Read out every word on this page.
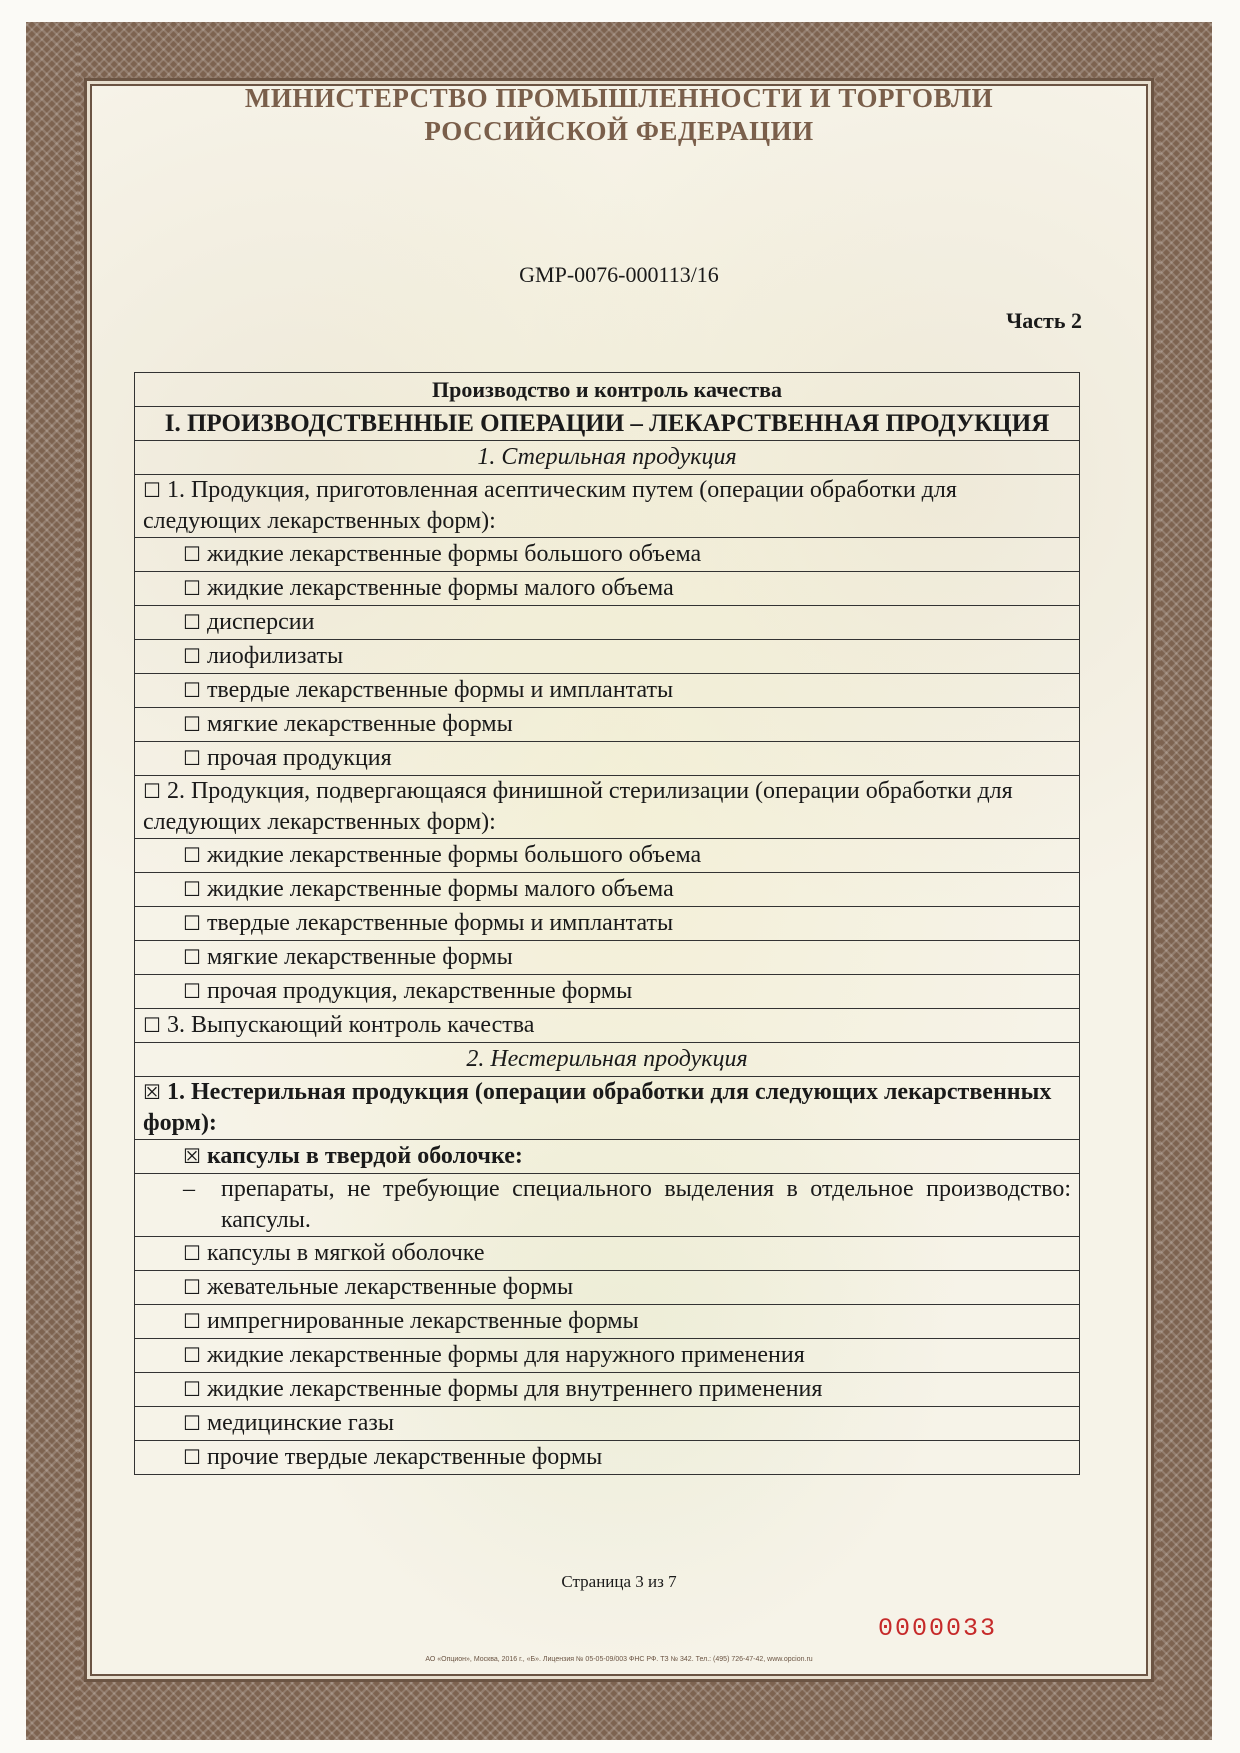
МИНИСТЕРСТВО ПРОМЫШЛЕННОСТИ И ТОРГОВЛИ
РОССИЙСКОЙ ФЕДЕРАЦИИ
GMP-0076-000113/16
Часть 2
Производство и контроль качества
I. ПРОИЗВОДСТВЕННЫЕ ОПЕРАЦИИ – ЛЕКАРСТВЕННАЯ ПРОДУКЦИЯ
1. Стерильная продукция
☐ 1. Продукция, приготовленная асептическим путем (операции обработки для следующих лекарственных форм):
☐ жидкие лекарственные формы большого объема
☐ жидкие лекарственные формы малого объема
☐ дисперсии
☐ лиофилизаты
☐ твердые лекарственные формы и имплантаты
☐ мягкие лекарственные формы
☐ прочая продукция
☐ 2. Продукция, подвергающаяся финишной стерилизации (операции обработки для следующих лекарственных форм):
☐ жидкие лекарственные формы большого объема
☐ жидкие лекарственные формы малого объема
☐ твердые лекарственные формы и имплантаты
☐ мягкие лекарственные формы
☐ прочая продукция, лекарственные формы
☐ 3. Выпускающий контроль качества
2. Нестерильная продукция
☒ 1. Нестерильная продукция (операции обработки для следующих лекарственных форм):
☒ капсулы в твердой оболочке:

–	препараты, не требующие специального выделения в отдельное производство: капсулы.

☐ капсулы в мягкой оболочке
☐ жевательные лекарственные формы
☐ импрегнированные лекарственные формы
☐ жидкие лекарственные формы для наружного применения
☐ жидкие лекарственные формы для внутреннего применения
☐ медицинские газы
☐ прочие твердые лекарственные формы
Страница 3 из 7
0000033
АО «Опцион», Москва, 2016 г., «Б». Лицензия № 05-05-09/003 ФНС РФ. ТЗ № 342. Тел.: (495) 726-47-42, www.opcion.ru
